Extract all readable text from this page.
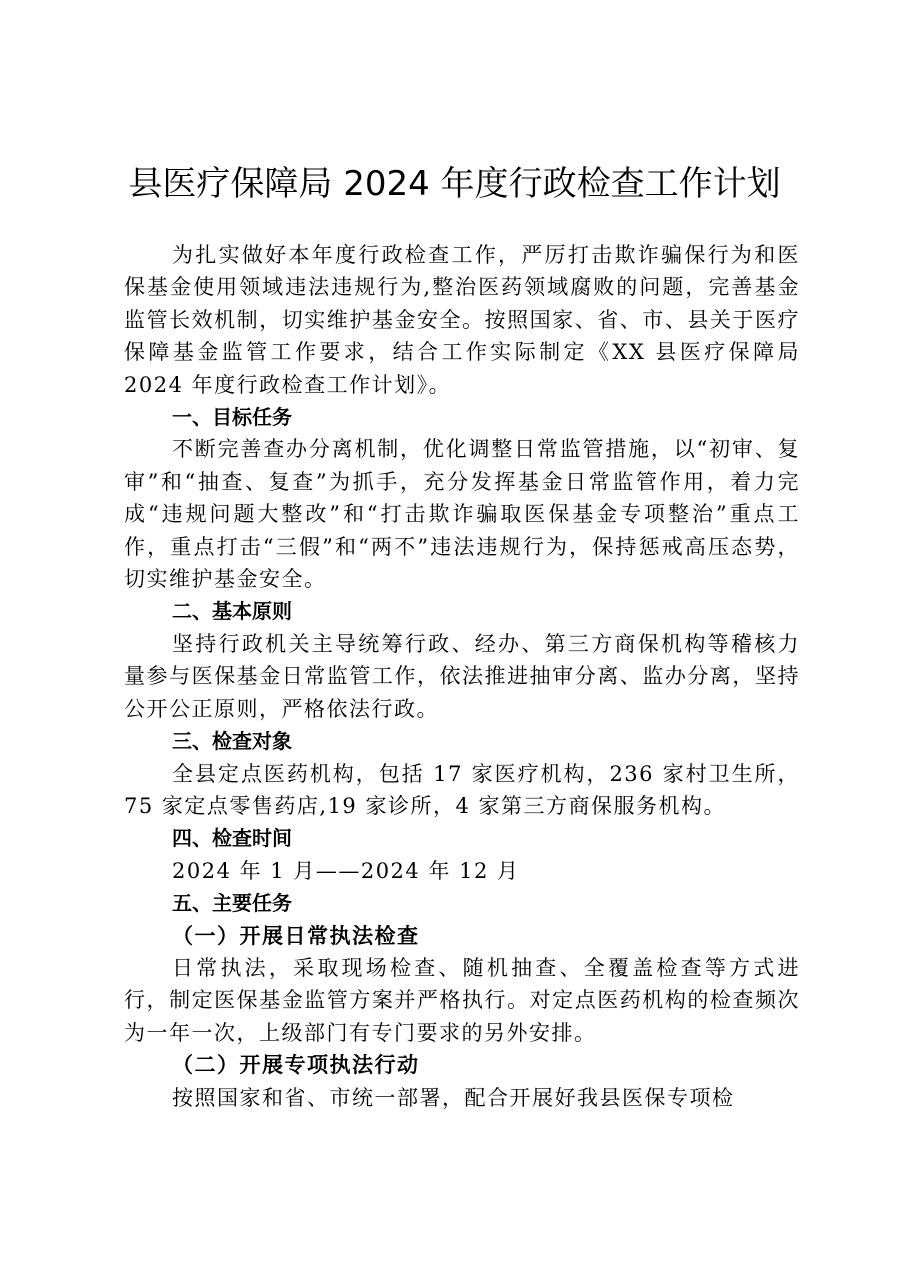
县医疗保障局 2024 年度行政检查工作计划

为扎实做好本年度行政检查工作，严厉打击欺诈骗保行为和医保基金使用领域违法违规行为,整治医药领域腐败的问题，完善基金监管长效机制，切实维护基金安全。按照国家、省、市、县关于医疗保障基金监管工作要求，结合工作实际制定《XX 县医疗保障局 2024 年度行政检查工作计划》。

一、目标任务

不断完善查办分离机制，优化调整日常监管措施，以“初审、复审”和“抽查、复查”为抓手，充分发挥基金日常监管作用，着力完成“违规问题大整改”和“打击欺诈骗取医保基金专项整治”重点工作，重点打击“三假”和“两不”违法违规行为，保持惩戒高压态势，切实维护基金安全。

二、基本原则

坚持行政机关主导统筹行政、经办、第三方商保机构等稽核力量参与医保基金日常监管工作，依法推进抽审分离、监办分离，坚持公开公正原则，严格依法行政。

三、检查对象

全县定点医药机构，包括 17 家医疗机构，236 家村卫生所，75 家定点零售药店,19 家诊所，4 家第三方商保服务机构。

四、检查时间

2024 年 1 月——2024 年 12 月

五、主要任务

（一）开展日常执法检查

日常执法，采取现场检查、随机抽查、全覆盖检查等方式进行，制定医保基金监管方案并严格执行。对定点医药机构的检查频次为一年一次，上级部门有专门要求的另外安排。

（二）开展专项执法行动

按照国家和省、市统一部署，配合开展好我县医保专项检
